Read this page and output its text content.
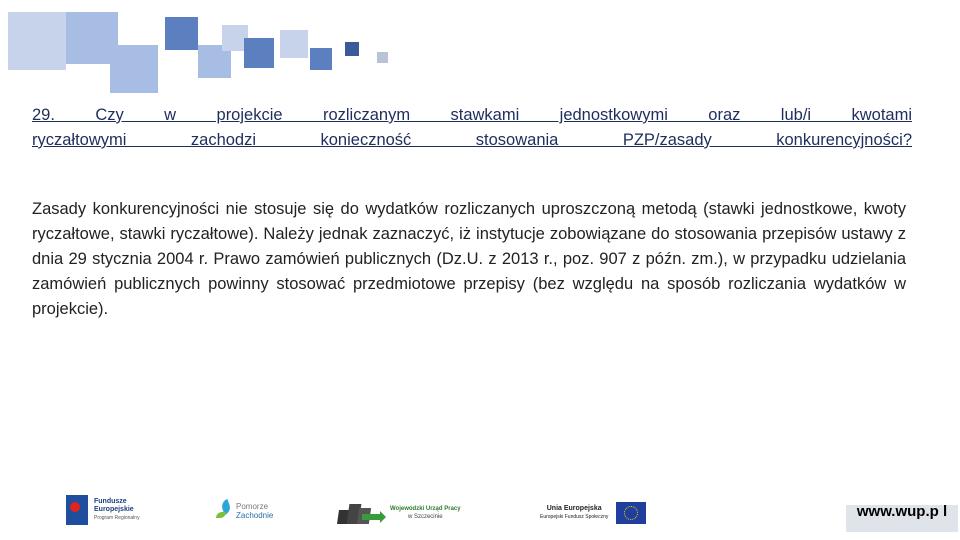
29. Czy w projekcie rozliczanym stawkami jednostkowymi oraz lub/i kwotami
ryczałtowymi zachodzi konieczność stosowania PZP/zasady konkurencyjności?

Zasady konkurencyjności nie stosuje się do wydatków rozliczanych uproszczoną metodą (stawki jednostkowe, kwoty ryczałtowe, stawki ryczałtowe). Należy jednak zaznaczyć, iż instytucje zobowiązane do stosowania przepisów ustawy z dnia 29 stycznia 2004 r. Prawo zamówień publicznych (Dz.U. z 2013 r., poz. 907 z późn. zm.), w przypadku udzielania zamówień publicznych powinny stosować przedmiotowe przepisy (bez względu na sposób rozliczania wydatków w projekcie).

Fundusze
Europejskie
Program Regionalny
Pomorze
Zachodnie
Wojewódzki Urząd Pracy
w Szczecinie
Unia Europejska
Europejski Fundusz Społeczny	www.wup.p l
